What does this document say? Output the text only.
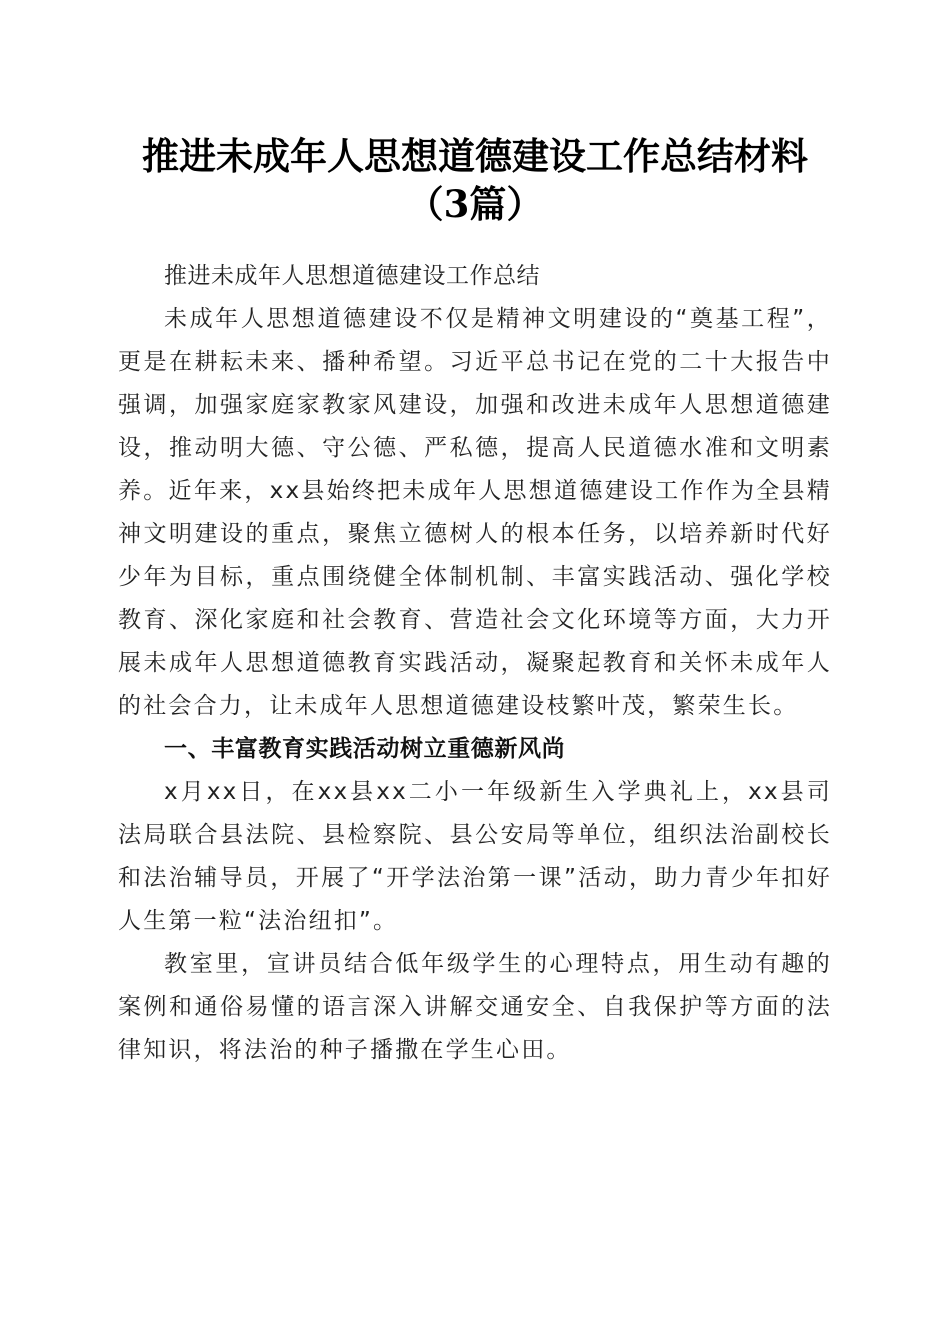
推进未成年人思想道德建设工作总结材料（3篇）

推进未成年人思想道德建设工作总结

未成年人思想道德建设不仅是精神文明建设的“奠基工程”，更是在耕耘未来、播种希望。习近平总书记在党的二十大报告中强调，加强家庭家教家风建设，加强和改进未成年人思想道德建设，推动明大德、守公德、严私德，提高人民道德水准和文明素养。近年来，xx县始终把未成年人思想道德建设工作作为全县精神文明建设的重点，聚焦立德树人的根本任务，以培养新时代好少年为目标，重点围绕健全体制机制、丰富实践活动、强化学校教育、深化家庭和社会教育、营造社会文化环境等方面，大力开展未成年人思想道德教育实践活动，凝聚起教育和关怀未成年人的社会合力，让未成年人思想道德建设枝繁叶茂，繁荣生长。

一、丰富教育实践活动树立重德新风尚

x月xx日，在xx县xx二小一年级新生入学典礼上，xx县司法局联合县法院、县检察院、县公安局等单位，组织法治副校长和法治辅导员，开展了“开学法治第一课”活动，助力青少年扣好人生第一粒“法治纽扣”。

教室里，宣讲员结合低年级学生的心理特点，用生动有趣的案例和通俗易懂的语言深入讲解交通安全、自我保护等方面的法律知识，将法治的种子播撒在学生心田。
